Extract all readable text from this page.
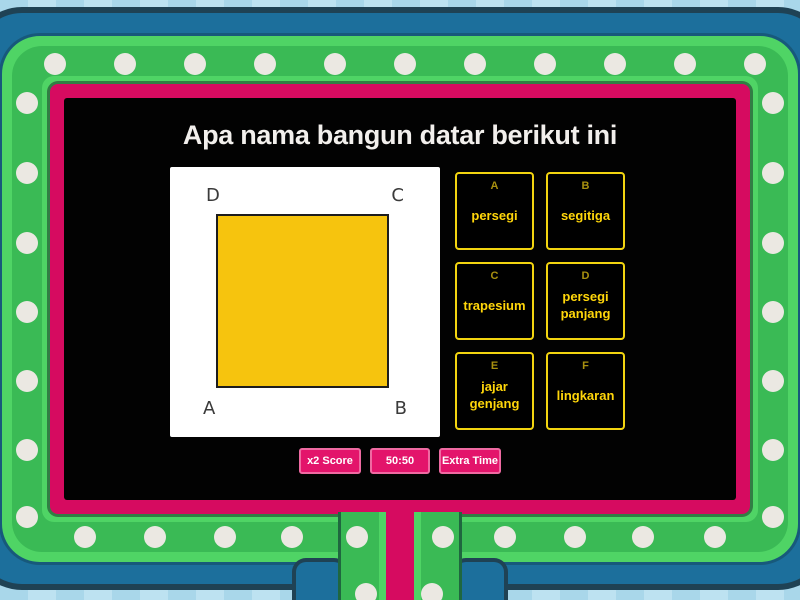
Apa nama bangun datar berikut ini
D	C
A	B
A
persegi
B
segitiga
C
trapesium
D
persegi panjang
E
jajar genjang
F
lingkaran
x2 Score	50:50	Extra Time
